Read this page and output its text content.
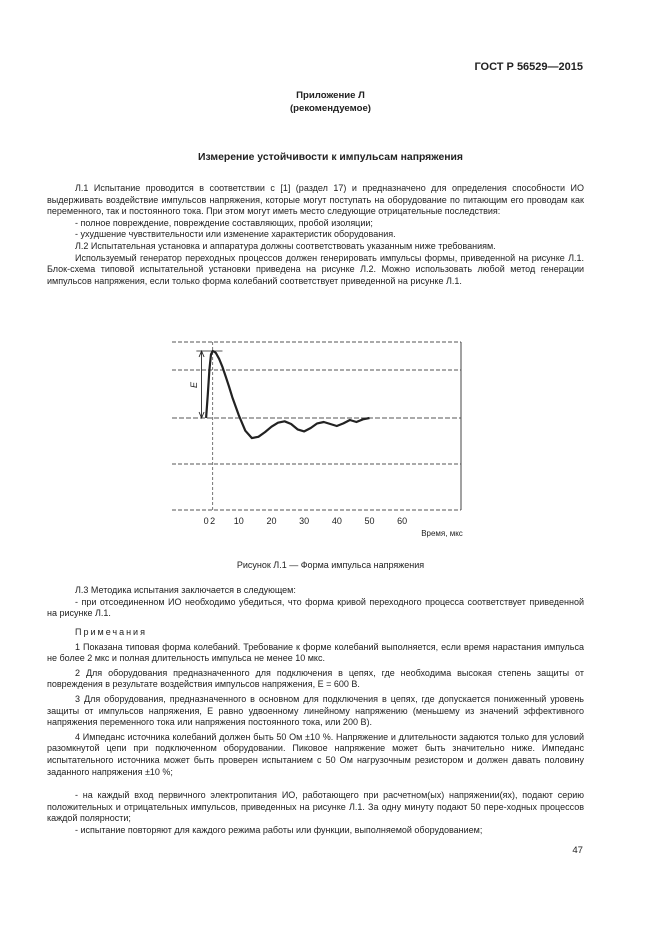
ГОСТ Р 56529—2015
Приложение Л
(рекомендуемое)
Измерение устойчивости к импульсам напряжения

Л.1 Испытание проводится в соответствии с [1] (раздел 17) и предназначено для определения способности ИО выдерживать воздействие импульсов напряжения, которые могут поступать на оборудование по питающим его проводам как переменного, так и постоянного тока. При этом могут иметь место следующие отрицательные последствия:

- полное повреждение, повреждение составляющих, пробой изоляции;

- ухудшение чувствительности или изменение характеристик оборудования.

Л.2 Испытательная установка и аппаратура должны соответствовать указанным ниже требованиям.

Используемый генератор переходных процессов должен генерировать импульсы формы, приведенной на рисунке Л.1. Блок-схема типовой испытательной установки приведена на рисунке Л.2. Можно использовать любой метод генерации импульсов напряжения, если только форма колебаний соответствует приведенной на рисунке Л.1.

0 2 10	20	30	40	50	60
Время, мкс
E
Рисунок Л.1 — Форма импульса напряжения

Л.3 Методика испытания заключается в следующем:

- при отсоединенном ИО необходимо убедиться, что форма кривой переходного процесса соответствует приведенной на рисунке Л.1.

Примечания

1 Показана типовая форма колебаний. Требование к форме колебаний выполняется, если время нарастания импульса не более 2 мкс и полная длительность импульса не менее 10 мкс.

2 Для оборудования предназначенного для подключения в цепях, где необходима высокая степень защиты от повреждения в результате воздействия импульсов напряжения, E = 600 В.

3 Для оборудования, предназначенного в основном для подключения в цепях, где допускается пониженный уровень защиты от импульсов напряжения, E равно удвоенному линейному напряжению (меньшему из значений эффективного напряжения переменного тока или напряжения постоянного тока, или 200 В).

4 Импеданс источника колебаний должен быть 50 Ом ±10 %. Напряжение и длительности задаются только для условий разомкнутой цепи при подключенном оборудовании. Пиковое напряжение может быть значительно ниже. Импеданс испытательного источника может быть проверен испытанием с 50 Ом нагрузочным резистором и должен давать половину заданного напряжения ±10 %;

- на каждый вход первичного электропитания ИО, работающего при расчетном(ых) напряжении(ях), подают серию положительных и отрицательных импульсов, приведенных на рисунке Л.1. За одну минуту подают 50 пере-ходных процессов каждой полярности;

- испытание повторяют для каждого режима работы или функции, выполняемой оборудованием;

47
